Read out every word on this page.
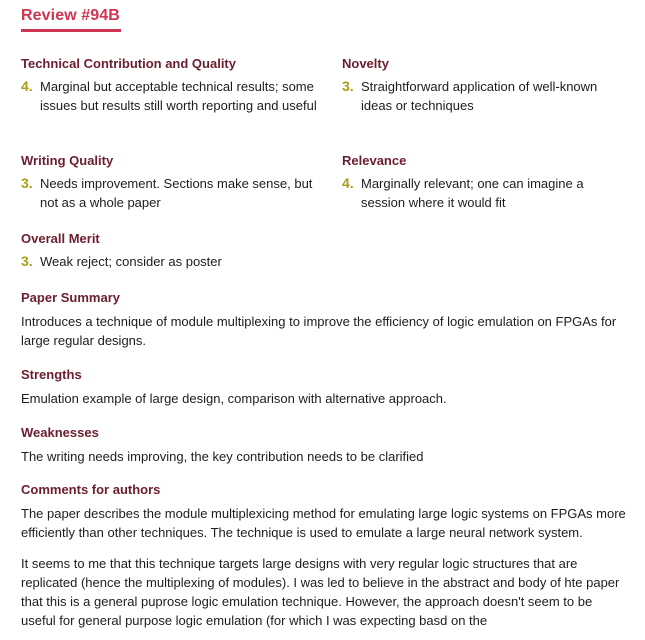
Review #94B
Technical Contribution and Quality
4. Marginal but acceptable technical results; some issues but results still worth reporting and useful
Novelty
3. Straightforward application of well-known ideas or techniques
Writing Quality
3. Needs improvement. Sections make sense, but not as a whole paper
Relevance
4. Marginally relevant; one can imagine a session where it would fit
Overall Merit
3. Weak reject; consider as poster
Paper Summary

Introduces a technique of module multiplexing to improve the efficiency of logic emulation on FPGAs for large regular designs.

Strengths

Emulation example of large design, comparison with alternative approach.

Weaknesses

The writing needs improving, the key contribution needs to be clarified

Comments for authors

The paper describes the module multiplexicing method for emulating large logic systems on FPGAs more efficiently than other techniques. The technique is used to emulate a large neural network system.

It seems to me that this technique targets large designs with very regular logic structures that are replicated (hence the multiplexing of modules). I was led to believe in the abstract and body of hte paper that this is a general puprose logic emulation technique. However, the approach doesn't seem to be useful for general purpose logic emulation (for which I was expecting basd on the
